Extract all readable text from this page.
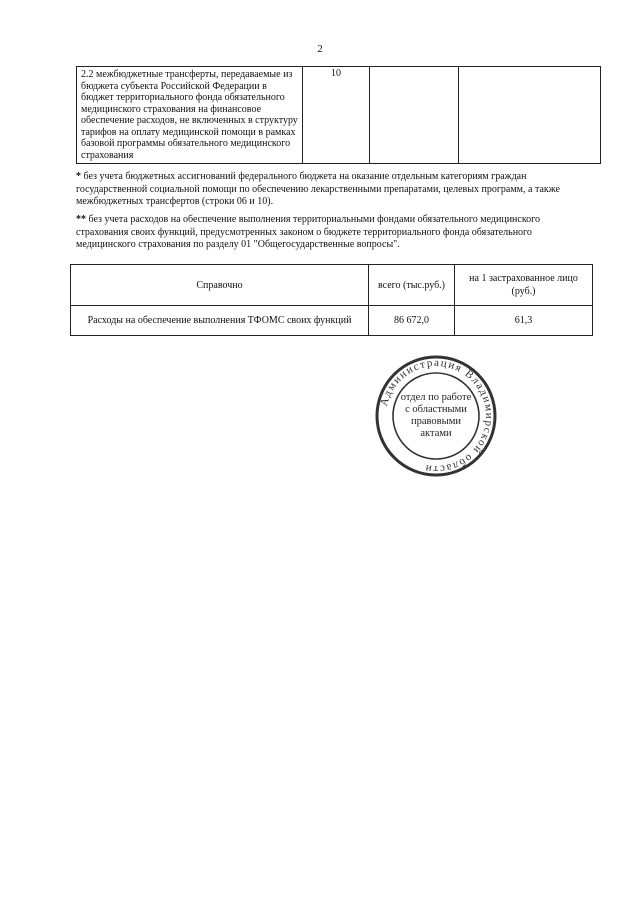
2
2.2 межбюджетные трансферты, передаваемые из бюджета субъекта Российской Федерации в бюджет территориального фонда обязательного медицинского страхования на финансовое обеспечение расходов, не включенных в структуру тарифов на оплату медицинской помощи в рамках базовой программы обязательного медицинского страхования	10		
* без учета бюджетных ассигнований федерального бюджета на оказание отдельным категориям граждан государственной социальной помощи по обеспечению лекарственными препаратами, целевых программ, а также межбюджетных трансфертов (строки 06 и 10).
** без учета расходов на обеспечение выполнения территориальными фондами обязательного медицинского страхования своих функций, предусмотренных законом о бюджете территориального фонда обязательного медицинского страхования по разделу 01 "Общегосударственные вопросы".
Справочно	всего (тыс.руб.)	на 1 застрахованное лицо (руб.)
Расходы на обеспечение выполнения ТФОМС своих функций	86 672,0	61,3
Администрация Владимирской области
отдел по работе
с областными
правовыми
актами
